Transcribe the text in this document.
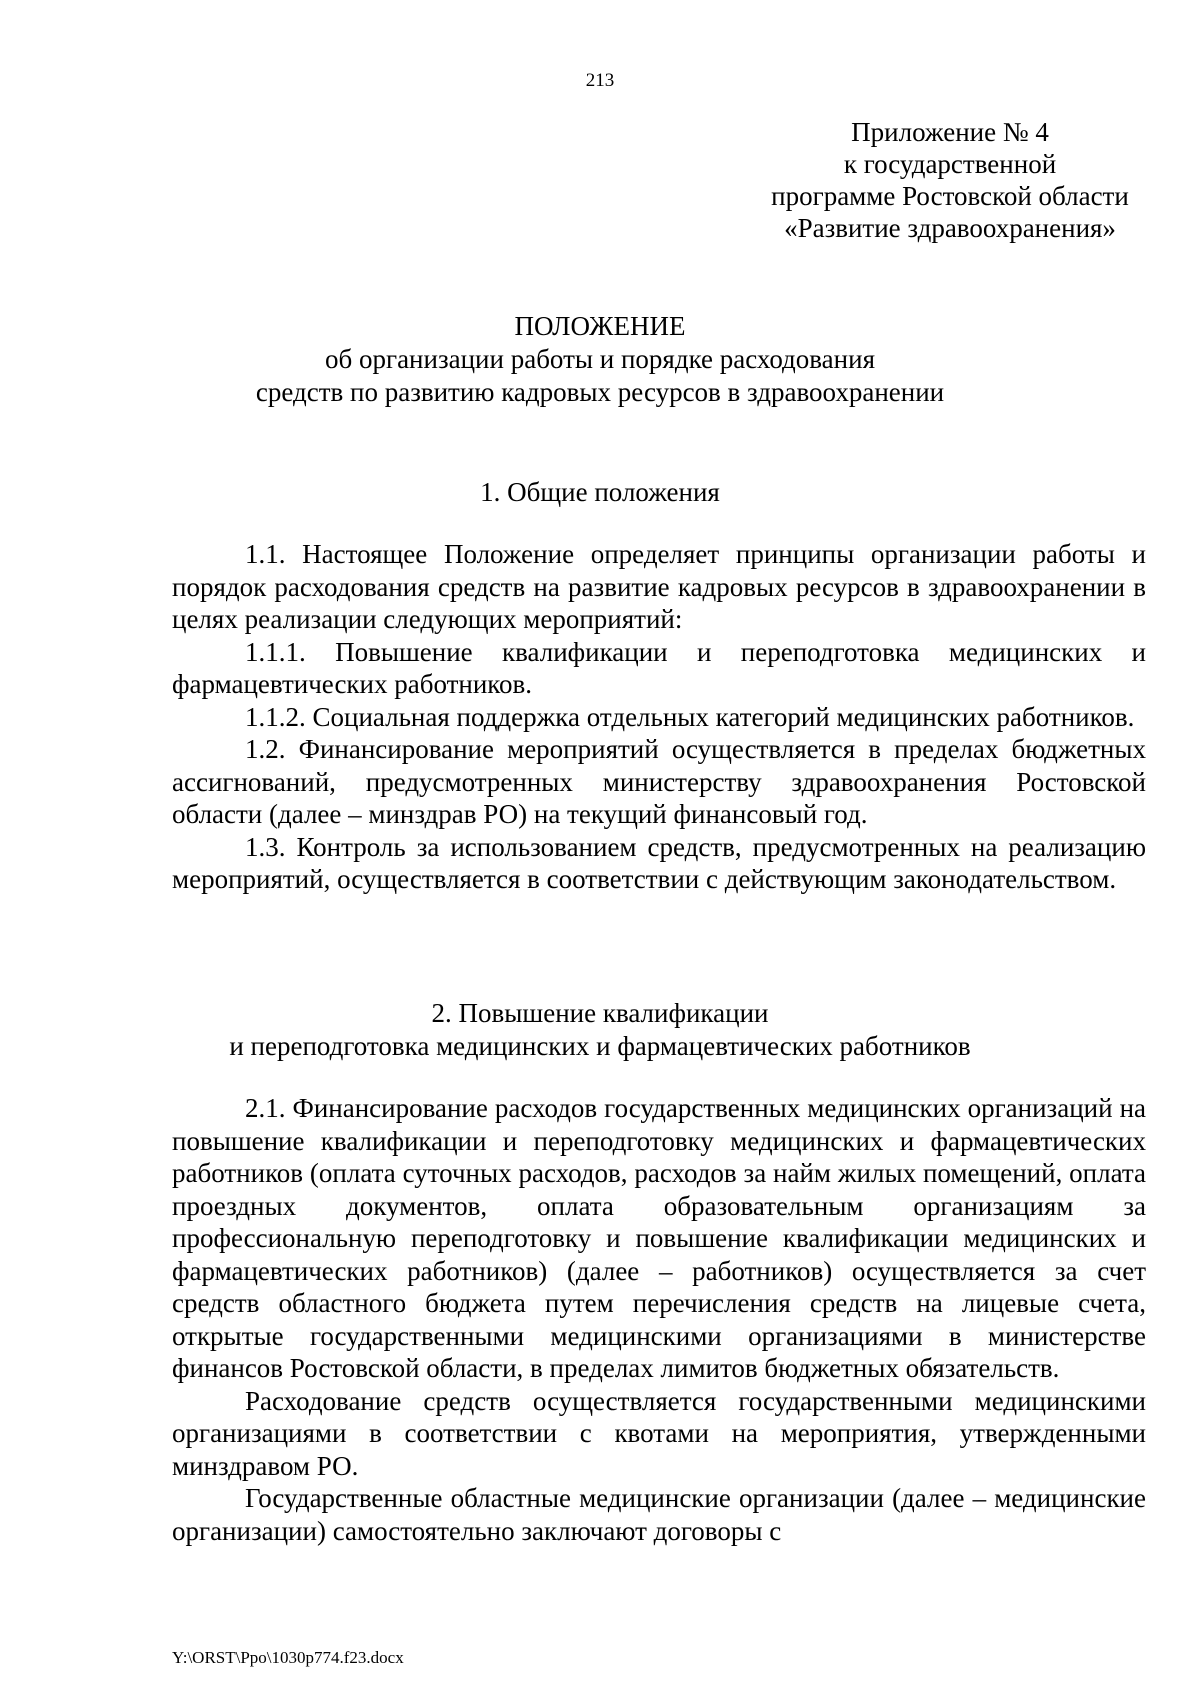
213
Приложение № 4
к государственной
программе Ростовской области
«Развитие здравоохранения»
ПОЛОЖЕНИЕ
об организации работы и порядке расходования
средств по развитию кадровых ресурсов в здравоохранении
1. Общие положения

1.1. Настоящее Положение определяет принципы организации работы и порядок расходования средств на развитие кадровых ресурсов в здравоохранении в целях реализации следующих мероприятий:

1.1.1. Повышение квалификации и переподготовка медицинских и фармацевтических работников.

1.1.2. Социальная поддержка отдельных категорий медицинских работников.

1.2. Финансирование мероприятий осуществляется в пределах бюджетных ассигнований, предусмотренных министерству здравоохранения Ростовской области (далее – минздрав РО) на текущий финансовый год.

1.3. Контроль за использованием средств, предусмотренных на реализацию мероприятий, осуществляется в соответствии с действующим законодательством.

2. Повышение квалификации
и переподготовка медицинских и фармацевтических работников

2.1. Финансирование расходов государственных медицинских организаций на повышение квалификации и переподготовку медицинских и фармацевтических работников (оплата суточных расходов, расходов за найм жилых помещений, оплата проездных документов, оплата образовательным организациям за профессиональную переподготовку и повышение квалификации медицинских и фармацевтических работников) (далее – работников) осуществляется за счет средств областного бюджета путем перечисления средств на лицевые счета, открытые государственными медицинскими организациями в министерстве финансов Ростовской области, в пределах лимитов бюджетных обязательств.

Расходование средств осуществляется государственными медицинскими организациями в соответствии с квотами на мероприятия, утвержденными минздравом РО.

Государственные областные медицинские организации (далее – медицинские организации) самостоятельно заключают договоры с

Y:\ORST\Ppo\1030p774.f23.docx
